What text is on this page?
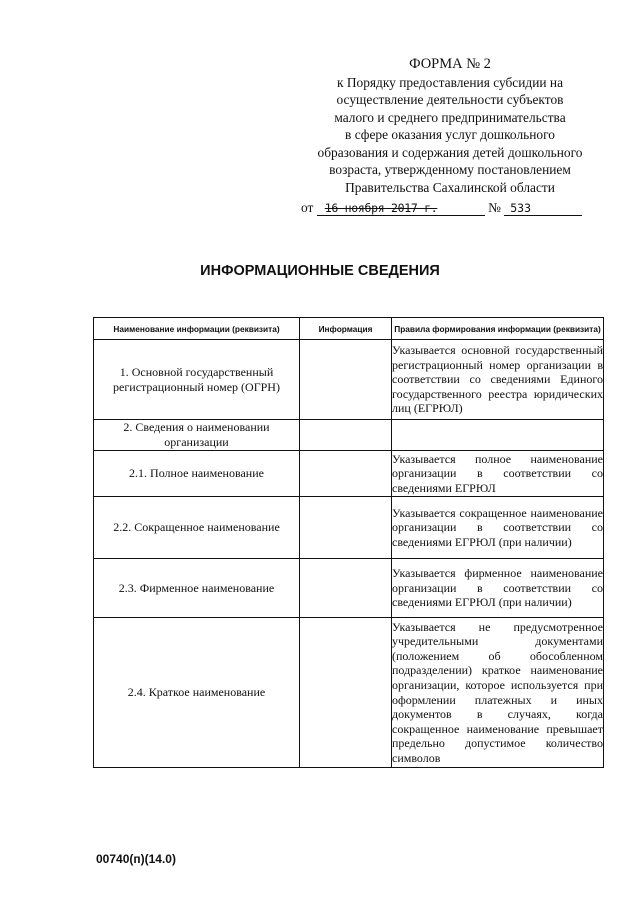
ФОРМА № 2
к Порядку предоставления субсидии на
осуществление деятельности субъектов
малого и среднего предпринимательства
в сфере оказания услуг дошкольного
образования и содержания детей дошкольного
возраста, утвержденному постановлением
Правительства Сахалинской области
от 16 ноября 2017 г.	№ 533
ИНФОРМАЦИОННЫЕ СВЕДЕНИЯ
Наименование информации (реквизита)	Информация	Правила формирования информации (реквизита)
1. Основной государственный регистрационный номер (ОГРН)		Указывается основной государственный регистрационный номер организации в соответствии со сведениями Единого государственного реестра юридических лиц (ЕГРЮЛ)
2. Сведения о наименовании организации		
2.1. Полное наименование		Указывается полное наименование организации в соответствии со сведениями ЕГРЮЛ
2.2. Сокращенное наименование		Указывается сокращенное наименование организации в соответствии со сведениями ЕГРЮЛ (при наличии)
2.3. Фирменное наименование		Указывается фирменное наименование организации в соответствии со сведениями ЕГРЮЛ (при наличии)
2.4. Краткое наименование		Указывается не предусмотренное учредительными документами (положением об обособленном подразделении) краткое наименование организации, которое используется при оформлении платежных и иных документов в случаях, когда сокращенное наименование превышает предельно допустимое количество символов
00740(п)(14.0)
